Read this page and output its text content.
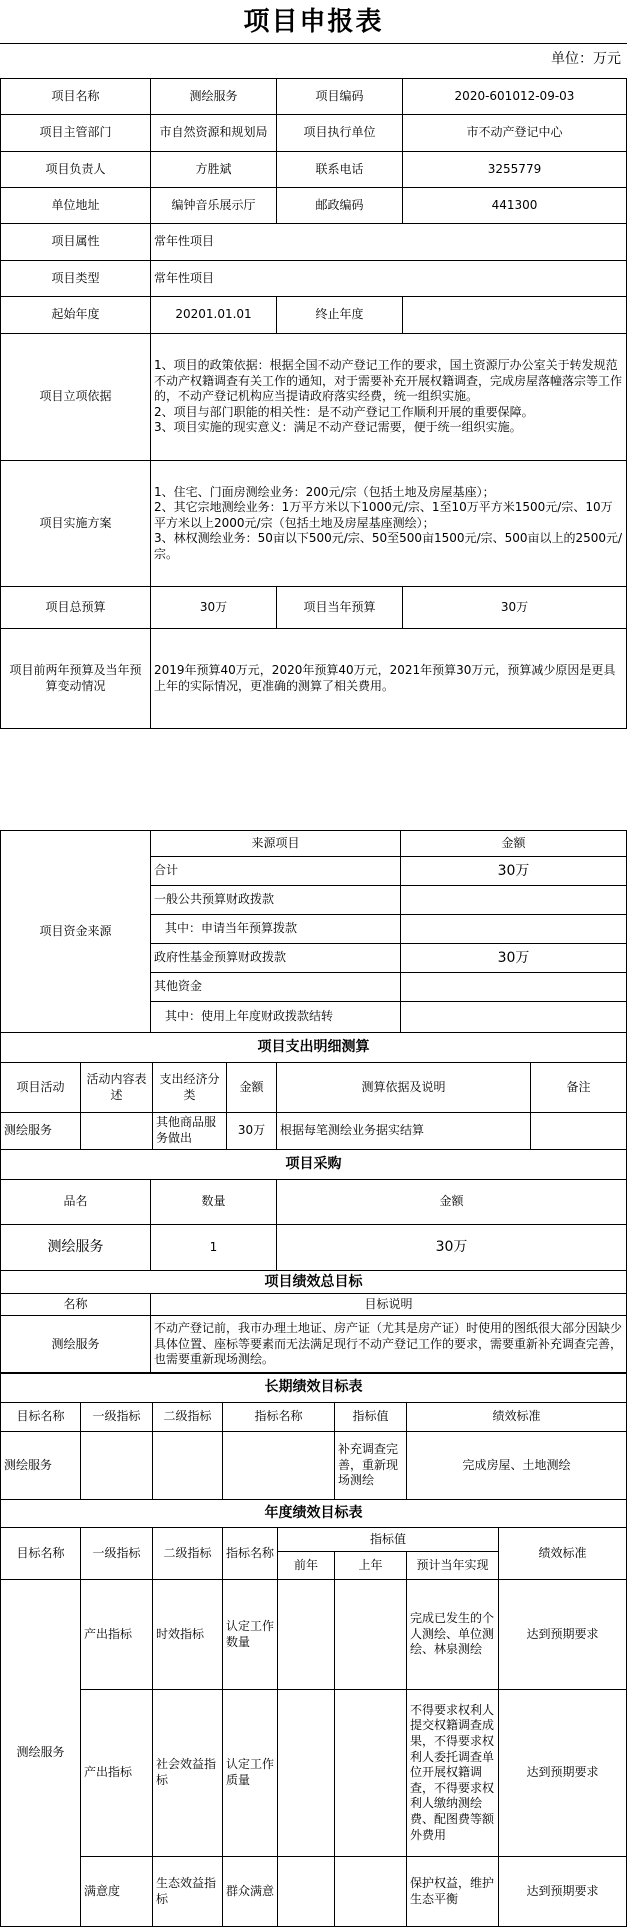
项目申报表
单位：万元
项目名称	测绘服务	项目编码	2020-601012-09-03
项目主管部门	市自然资源和规划局	项目执行单位	市不动产登记中心
项目负责人	方胜斌	联系电话	3255779
单位地址	编钟音乐展示厅	邮政编码	441300
项目属性	常年性项目		
项目类型	常年性项目		
起始年度	20201.01.01	终止年度	
项目立项依据	1、项目的政策依据：根据全国不动产登记工作的要求，国土资源厅办公室关于转发规范不动产权籍调查有关工作的通知，对于需要补充开展权籍调查，完成房屋落幢落宗等工作的，不动产登记机构应当提请政府落实经费，统一组织实施。
2、项目与部门职能的相关性：是不动产登记工作顺利开展的重要保障。
3、项目实施的现实意义：满足不动产登记需要，便于统一组织实施。		

项目实施方案	1、住宅、门面房测绘业务：200元/宗（包括土地及房屋基座）；
2、其它宗地测绘业务：1万平方米以下1000元/宗、1至10万平方米1500元/宗、10万平方米以上2000元/宗（包括土地及房屋基座测绘）；
3、林权测绘业务：50亩以下500元/宗、50至500亩1500元/宗、500亩以上的2500元/宗。		

项目总预算	30万	项目当年预算	30万
项目前两年预算及当年预算变动情况	2019年预算40万元，2020年预算40万元，2021年预算30万元，预算减少原因是更具上年的实际情况，更准确的测算了相关费用。		
项目资金来源	来源项目	金额
	合计	30万
	一般公共预算财政拨款	
	其中：申请当年预算拨款	
	政府性基金预算财政拨款	30万
	其他资金	
	其中：使用上年度财政拨款结转	
项目支出明细测算					
项目活动	活动内容表述	支出经济分类	金额	测算依据及说明	备注
测绘服务		其他商品服务做出	30万	根据每笔测绘业务据实结算	
项目采购		
品名	数量	金额
测绘服务	1	30万
项目绩效总目标	
名称	目标说明
测绘服务	不动产登记前，我市办理土地证、房产证（尤其是房产证）时使用的图纸很大部分因缺少具体位置、座标等要素而无法满足现行不动产登记工作的要求，需要重新补充调查完善，也需要重新现场测绘。
长期绩效目标表					
目标名称	一级指标	二级指标	指标名称	指标值	绩效标准
测绘服务				补充调查完善，重新现场测绘	完成房屋、土地测绘
年度绩效目标表							
目标名称	一级指标	二级指标	指标名称	指标值			绩效标准
				前年	上年	预计当年实现	
测绘服务	产出指标	时效指标	认定工作数量			完成已发生的个人测绘、单位测绘、林泉测绘	达到预期要求
	产出指标	社会效益指标	认定工作质量			不得要求权利人提交权籍调查成果，不得要求权利人委托调查单位开展权籍调查，不得要求权利人缴纳测绘费、配图费等额外费用	达到预期要求
	满意度	生态效益指标	群众满意			保护权益，维护生态平衡	达到预期要求
